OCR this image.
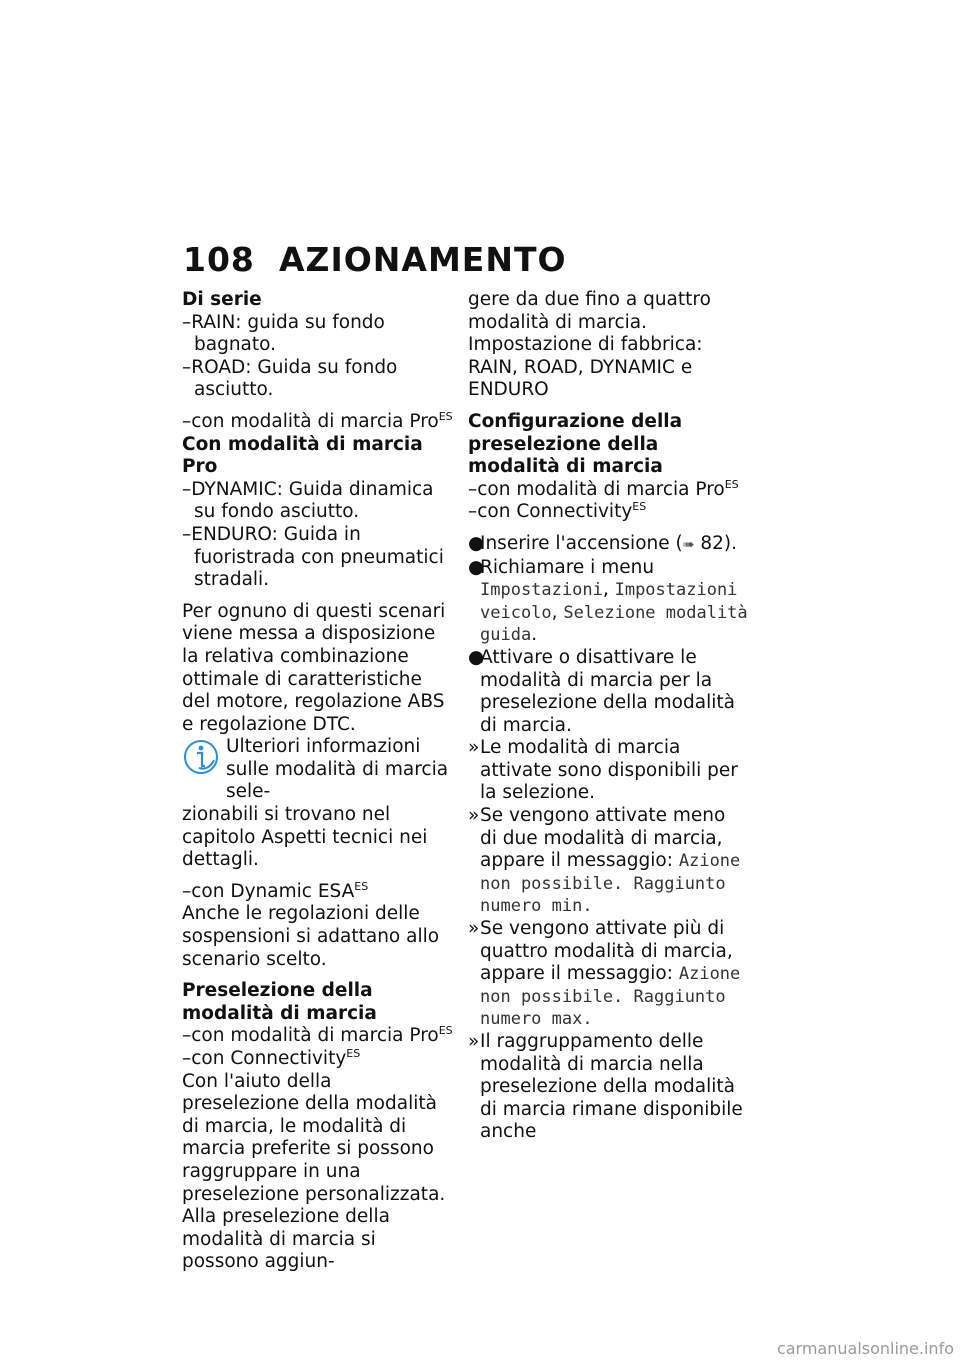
108 AZIONAMENTO

Di serie

–RAIN: guida su fondo bagnato.

–ROAD: Guida su fondo asciutto.

–con modalità di marcia Pro$^{ES}$

Con modalità di marcia Pro

–DYNAMIC: Guida dinamica su fondo asciutto.

–ENDURO: Guida in fuoristrada con pneumatici stradali.

Per ognuno di questi scenari viene messa a disposizione la relativa combinazione ottimale di caratteristiche del motore, regolazione ABS e regolazione DTC.

Ulteriori informazioni sulle modalità di marcia sele-

zionabili si trovano nel capitolo Aspetti tecnici nei dettagli.

–con Dynamic $ESA^{ES}$

Anche le regolazioni delle sospensioni si adattano allo scenario scelto.

Preselezione della modalità di marcia

–con modalità di marcia Pro$^{ES}$

–con Connectivity$^{ES}$

Con l'aiuto della preselezione della modalità di marcia, le modalità di marcia preferite si possono raggruppare in una preselezione personalizzata.

Alla preselezione della modalità di marcia si possono aggiun-

gere da due fino a quattro modalità di marcia.

Impostazione di fabbrica: RAIN, ROAD, DYNAMIC e ENDURO

Configurazione della preselezione della modalità di marcia

–con modalità di marcia Pro$^{ES}$

–con Connectivity$^{ES}$

●
Inserire l'accensione (➠ 82).

●
Richiamare i menu Impostazioni, Impostazioni veicolo, Selezione modalità guida.

●
Attivare o disattivare le modalità di marcia per la preselezione della modalità di marcia.

» Le modalità di marcia attivate sono disponibili per la selezione.

» Se vengono attivate meno di due modalità di marcia, appare il messaggio: Azione non possibile. Raggiunto numero min.

» Se vengono attivate più di quattro modalità di marcia, appare il messaggio: Azione non possibile. Raggiunto numero max.

» Il raggruppamento delle modalità di marcia nella preselezione della modalità di marcia rimane disponibile anche

carmanualsonline.info
